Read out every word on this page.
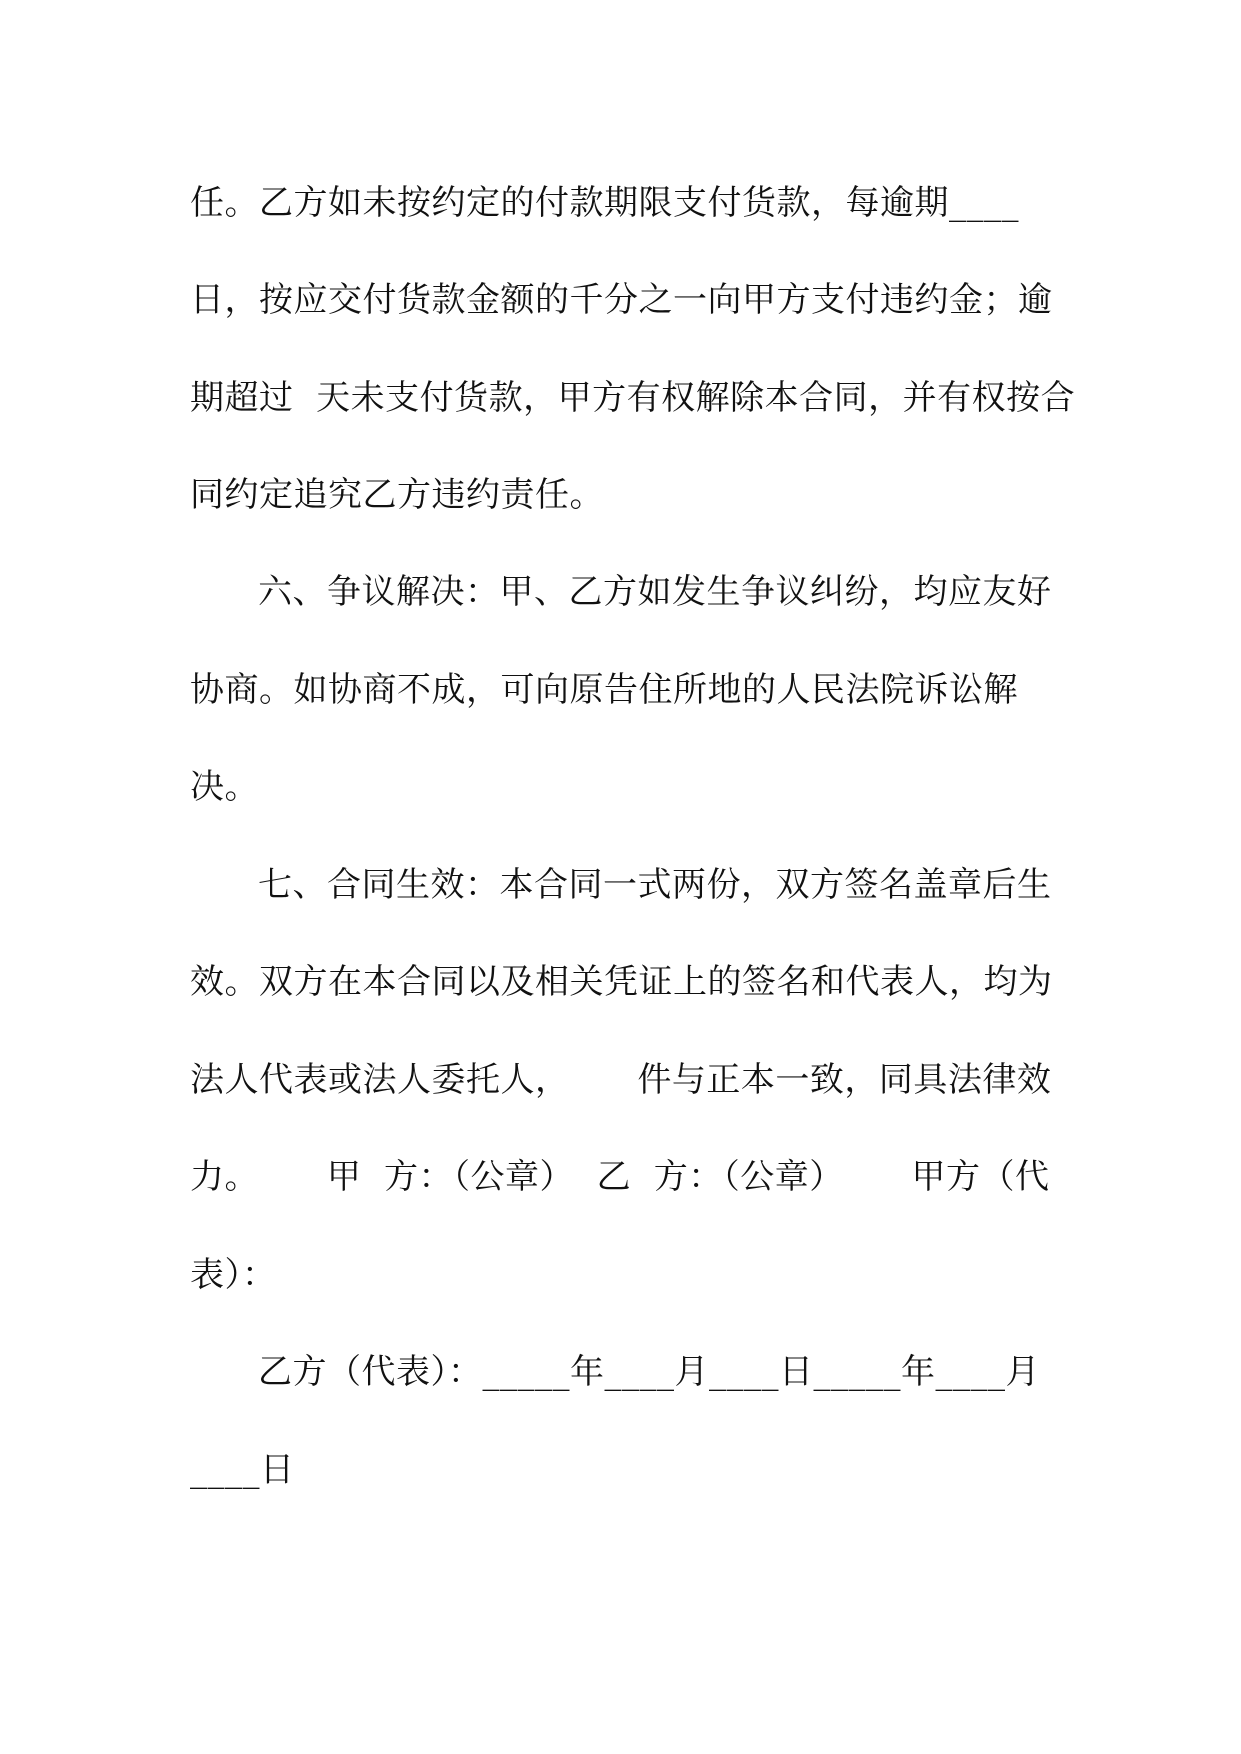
任。乙方如未按约定的付款期限支付货款，每逾期____
日，按应交付货款金额的千分之一向甲方支付违约金；逾
期超过  天未支付货款，甲方有权解除本合同，并有权按合
同约定追究乙方违约责任。
六、争议解决：甲、乙方如发生争议纠纷，均应友好
协商。如协商不成，可向原告住所地的人民法院诉讼解
决。
七、合同生效：本合同一式两份，双方签名盖章后生
效。双方在本合同以及相关凭证上的签名和代表人，均为
法人代表或法人委托人，      件与正本一致，同具法律效
力。      甲  方：（公章）  乙  方：（公章）      甲方（代
表）：
乙方（代表）：_____年____月____日_____年____月
____日
